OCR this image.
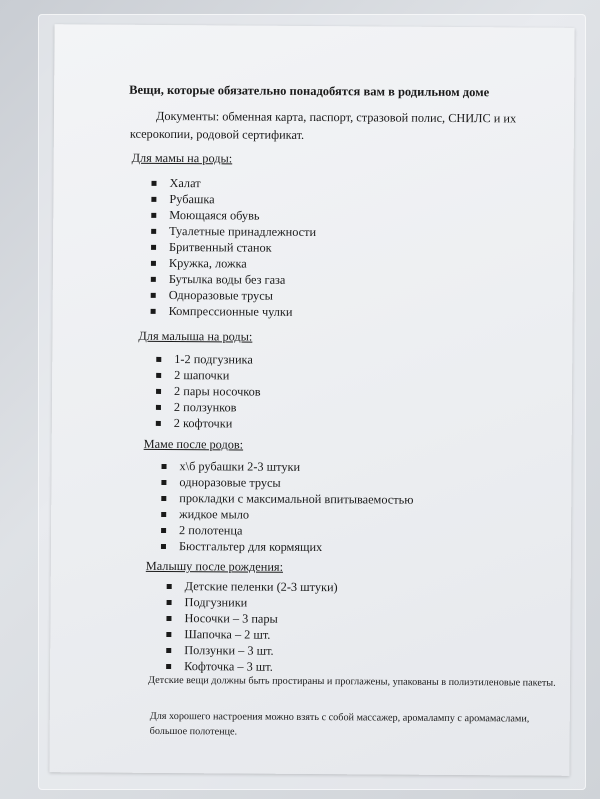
Вещи, которые обязательно понадобятся вам в родильном доме
Документы: обменная карта, паспорт, стразовой полис, СНИЛС и их ксерокопии, родовой сертификат.
Для мамы на роды:
Халат
Рубашка
Моющаяся обувь
Туалетные принадлежности
Бритвенный станок
Кружка, ложка
Бутылка воды без газа
Одноразовые трусы
Компрессионные чулки
Для малыша на роды:
1-2 подгузника
2 шапочки
2 пары носочков
2 ползунков
2 кофточки
Маме после родов:
х\б рубашки 2-3 штуки
одноразовые трусы
прокладки с максимальной впитываемостью
жидкое мыло
2 полотенца
Бюстгальтер для кормящих
Малышу после рождения:
Детские пеленки (2-3 штуки)
Подгузники
Носочки – 3 пары
Шапочка – 2 шт.
Ползунки – 3 шт.
Кофточка – 3 шт.
Детские вещи должны быть простираны и проглажены, упакованы в полиэтиленовые пакеты.
Для хорошего настроения можно взять с собой массажер, аромалампу с аромамаслами, большое полотенце.
